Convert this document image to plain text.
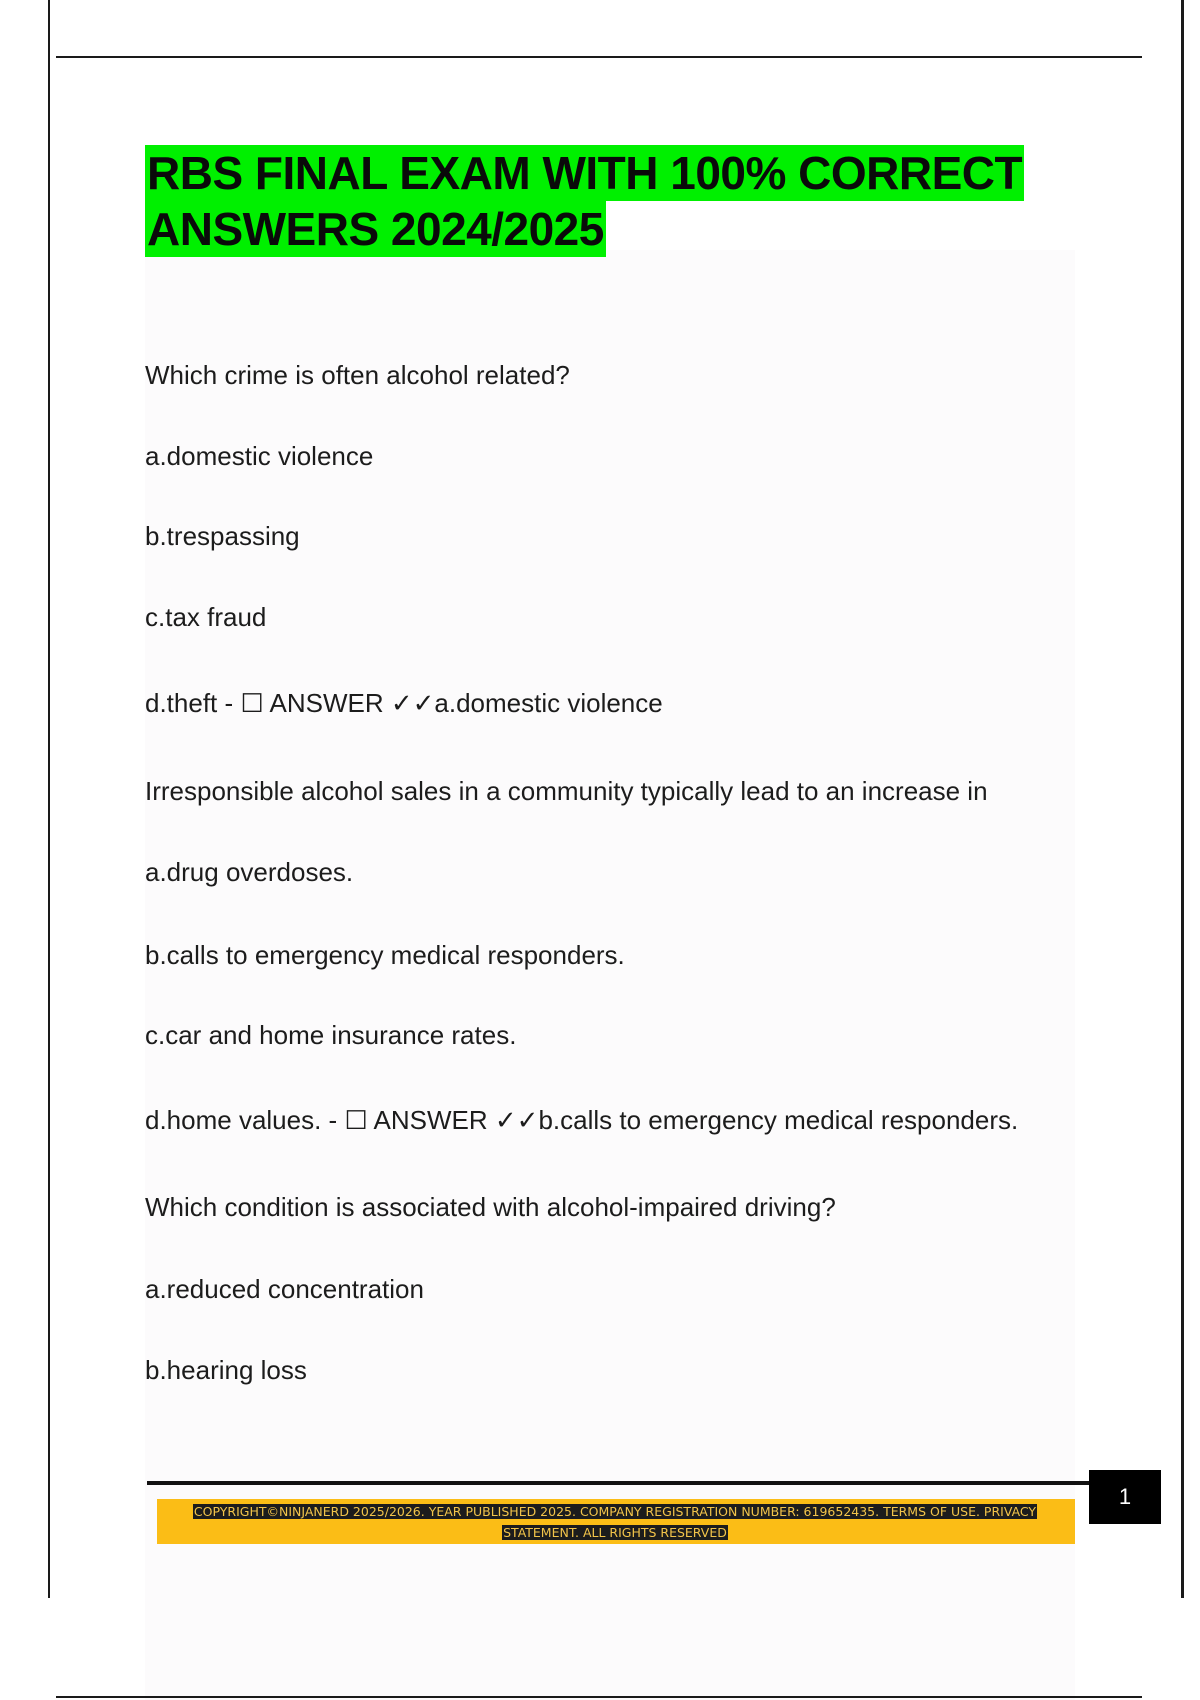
RBS FINAL EXAM WITH 100% CORRECT
ANSWERS 2024/2025
Which crime is often alcohol related?
a.domestic violence
b.trespassing
c.tax fraud
d.theft - ☐ ANSWER ✓✓a.domestic violence
Irresponsible alcohol sales in a community typically lead to an increase in
a.drug overdoses.
b.calls to emergency medical responders.
c.car and home insurance rates.
d.home values. - ☐ ANSWER ✓✓b.calls to emergency medical responders.
Which condition is associated with alcohol-impaired driving?
a.reduced concentration
b.hearing loss
1
COPYRIGHT©NINJANERD 2025/2026. YEAR PUBLISHED 2025. COMPANY REGISTRATION NUMBER: 619652435. TERMS OF USE. PRIVACY
STATEMENT. ALL RIGHTS RESERVED
